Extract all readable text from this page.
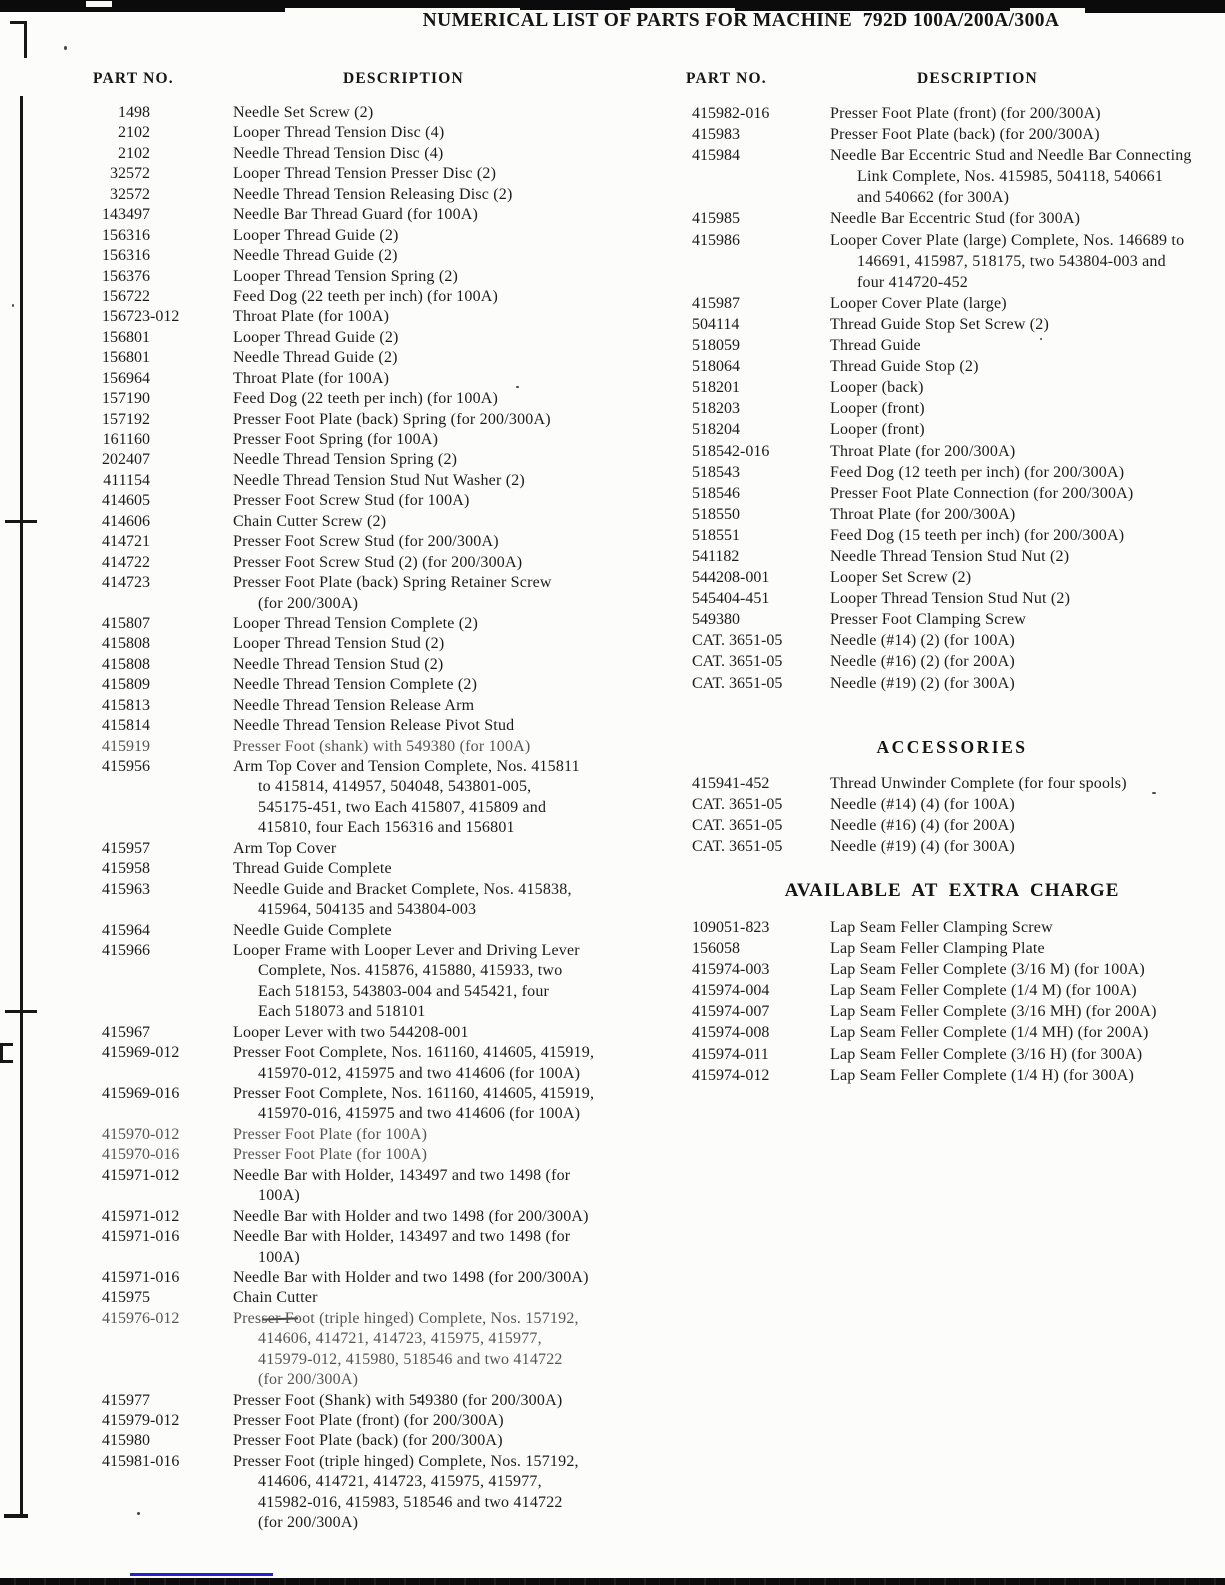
NUMERICAL LIST OF PARTS FOR MACHINE  792D 100A/200A/300A
PART NO.	DESCRIPTION	PART NO.	DESCRIPTION
1498	Needle Set Screw (2)
2102	Looper Thread Tension Disc (4)
2102	Needle Thread Tension Disc (4)
32572	Looper Thread Tension Presser Disc (2)
32572	Needle Thread Tension Releasing Disc (2)
143497	Needle Bar Thread Guard (for 100A)
156316	Looper Thread Guide (2)
156316	Needle Thread Guide (2)
156376	Looper Thread Tension Spring (2)
156722	Feed Dog (22 teeth per inch) (for 100A)
156723-012	Throat Plate (for 100A)
156801	Looper Thread Guide (2)
156801	Needle Thread Guide (2)
156964	Throat Plate (for 100A)
157190	Feed Dog (22 teeth per inch) (for 100A)
157192	Presser Foot Plate (back) Spring (for 200/300A)
161160	Presser Foot Spring (for 100A)
202407	Needle Thread Tension Spring (2)
411154	Needle Thread Tension Stud Nut Washer (2)
414605	Presser Foot Screw Stud (for 100A)
414606	Chain Cutter Screw (2)
414721	Presser Foot Screw Stud (for 200/300A)
414722	Presser Foot Screw Stud (2) (for 200/300A)
414723	Presser Foot Plate (back) Spring Retainer Screw
(for 200/300A)
415807	Looper Thread Tension Complete (2)
415808	Looper Thread Tension Stud (2)
415808	Needle Thread Tension Stud (2)
415809	Needle Thread Tension Complete (2)
415813	Needle Thread Tension Release Arm
415814	Needle Thread Tension Release Pivot Stud
415919	Presser Foot (shank) with 549380 (for 100A)
415956	Arm Top Cover and Tension Complete, Nos. 415811
to 415814, 414957, 504048, 543801-005,
545175-451, two Each 415807, 415809 and
415810, four Each 156316 and 156801
415957	Arm Top Cover
415958	Thread Guide Complete
415963	Needle Guide and Bracket Complete, Nos. 415838,
415964, 504135 and 543804-003
415964	Needle Guide Complete
415966	Looper Frame with Looper Lever and Driving Lever
Complete, Nos. 415876, 415880, 415933, two
Each 518153, 543803-004 and 545421, four
Each 518073 and 518101
415967	Looper Lever with two 544208-001
415969-012	Presser Foot Complete, Nos. 161160, 414605, 415919,
415970-012, 415975 and two 414606 (for 100A)
415969-016	Presser Foot Complete, Nos. 161160, 414605, 415919,
415970-016, 415975 and two 414606 (for 100A)
415970-012	Presser Foot Plate (for 100A)
415970-016	Presser Foot Plate (for 100A)
415971-012	Needle Bar with Holder, 143497 and two 1498 (for
100A)
415971-012	Needle Bar with Holder and two 1498 (for 200/300A)
415971-016	Needle Bar with Holder, 143497 and two 1498 (for
100A)
415971-016	Needle Bar with Holder and two 1498 (for 200/300A)
415975	Chain Cutter
415976-012	Presser Foot (triple hinged) Complete, Nos. 157192,
414606, 414721, 414723, 415975, 415977,
415979-012, 415980, 518546 and two 414722
(for 200/300A)
415977	Presser Foot (Shank) with 549380 (for 200/300A)
415979-012	Presser Foot Plate (front) (for 200/300A)
415980	Presser Foot Plate (back) (for 200/300A)
415981-016	Presser Foot (triple hinged) Complete, Nos. 157192,
414606, 414721, 414723, 415975, 415977,
415982-016, 415983, 518546 and two 414722
(for 200/300A)
415982-016	Presser Foot Plate (front) (for 200/300A)
415983	Presser Foot Plate (back) (for 200/300A)
415984	Needle Bar Eccentric Stud and Needle Bar Connecting
Link Complete, Nos. 415985, 504118, 540661
and 540662 (for 300A)
415985	Needle Bar Eccentric Stud (for 300A)
415986	Looper Cover Plate (large) Complete, Nos. 146689 to
146691, 415987, 518175, two 543804-003 and
four 414720-452
415987	Looper Cover Plate (large)
504114	Thread Guide Stop Set Screw (2)
518059	Thread Guide
518064	Thread Guide Stop (2)
518201	Looper (back)
518203	Looper (front)
518204	Looper (front)
518542-016	Throat Plate (for 200/300A)
518543	Feed Dog (12 teeth per inch) (for 200/300A)
518546	Presser Foot Plate Connection (for 200/300A)
518550	Throat Plate (for 200/300A)
518551	Feed Dog (15 teeth per inch) (for 200/300A)
541182	Needle Thread Tension Stud Nut (2)
544208-001	Looper Set Screw (2)
545404-451	Looper Thread Tension Stud Nut (2)
549380	Presser Foot Clamping Screw
CAT. 3651-05	Needle (#14) (2) (for 100A)
CAT. 3651-05	Needle (#16) (2) (for 200A)
CAT. 3651-05	Needle (#19) (2) (for 300A)
ACCESSORIES
415941-452	Thread Unwinder Complete (for four spools)
CAT. 3651-05	Needle (#14) (4) (for 100A)
CAT. 3651-05	Needle (#16) (4) (for 200A)
CAT. 3651-05	Needle (#19) (4) (for 300A)
AVAILABLE AT EXTRA CHARGE
109051-823	Lap Seam Feller Clamping Screw
156058	Lap Seam Feller Clamping Plate
415974-003	Lap Seam Feller Complete (3/16 M) (for 100A)
415974-004	Lap Seam Feller Complete (1/4 M) (for 100A)
415974-007	Lap Seam Feller Complete (3/16 MH) (for 200A)
415974-008	Lap Seam Feller Complete (1/4 MH) (for 200A)
415974-011	Lap Seam Feller Complete (3/16 H) (for 300A)
415974-012	Lap Seam Feller Complete (1/4 H) (for 300A)
